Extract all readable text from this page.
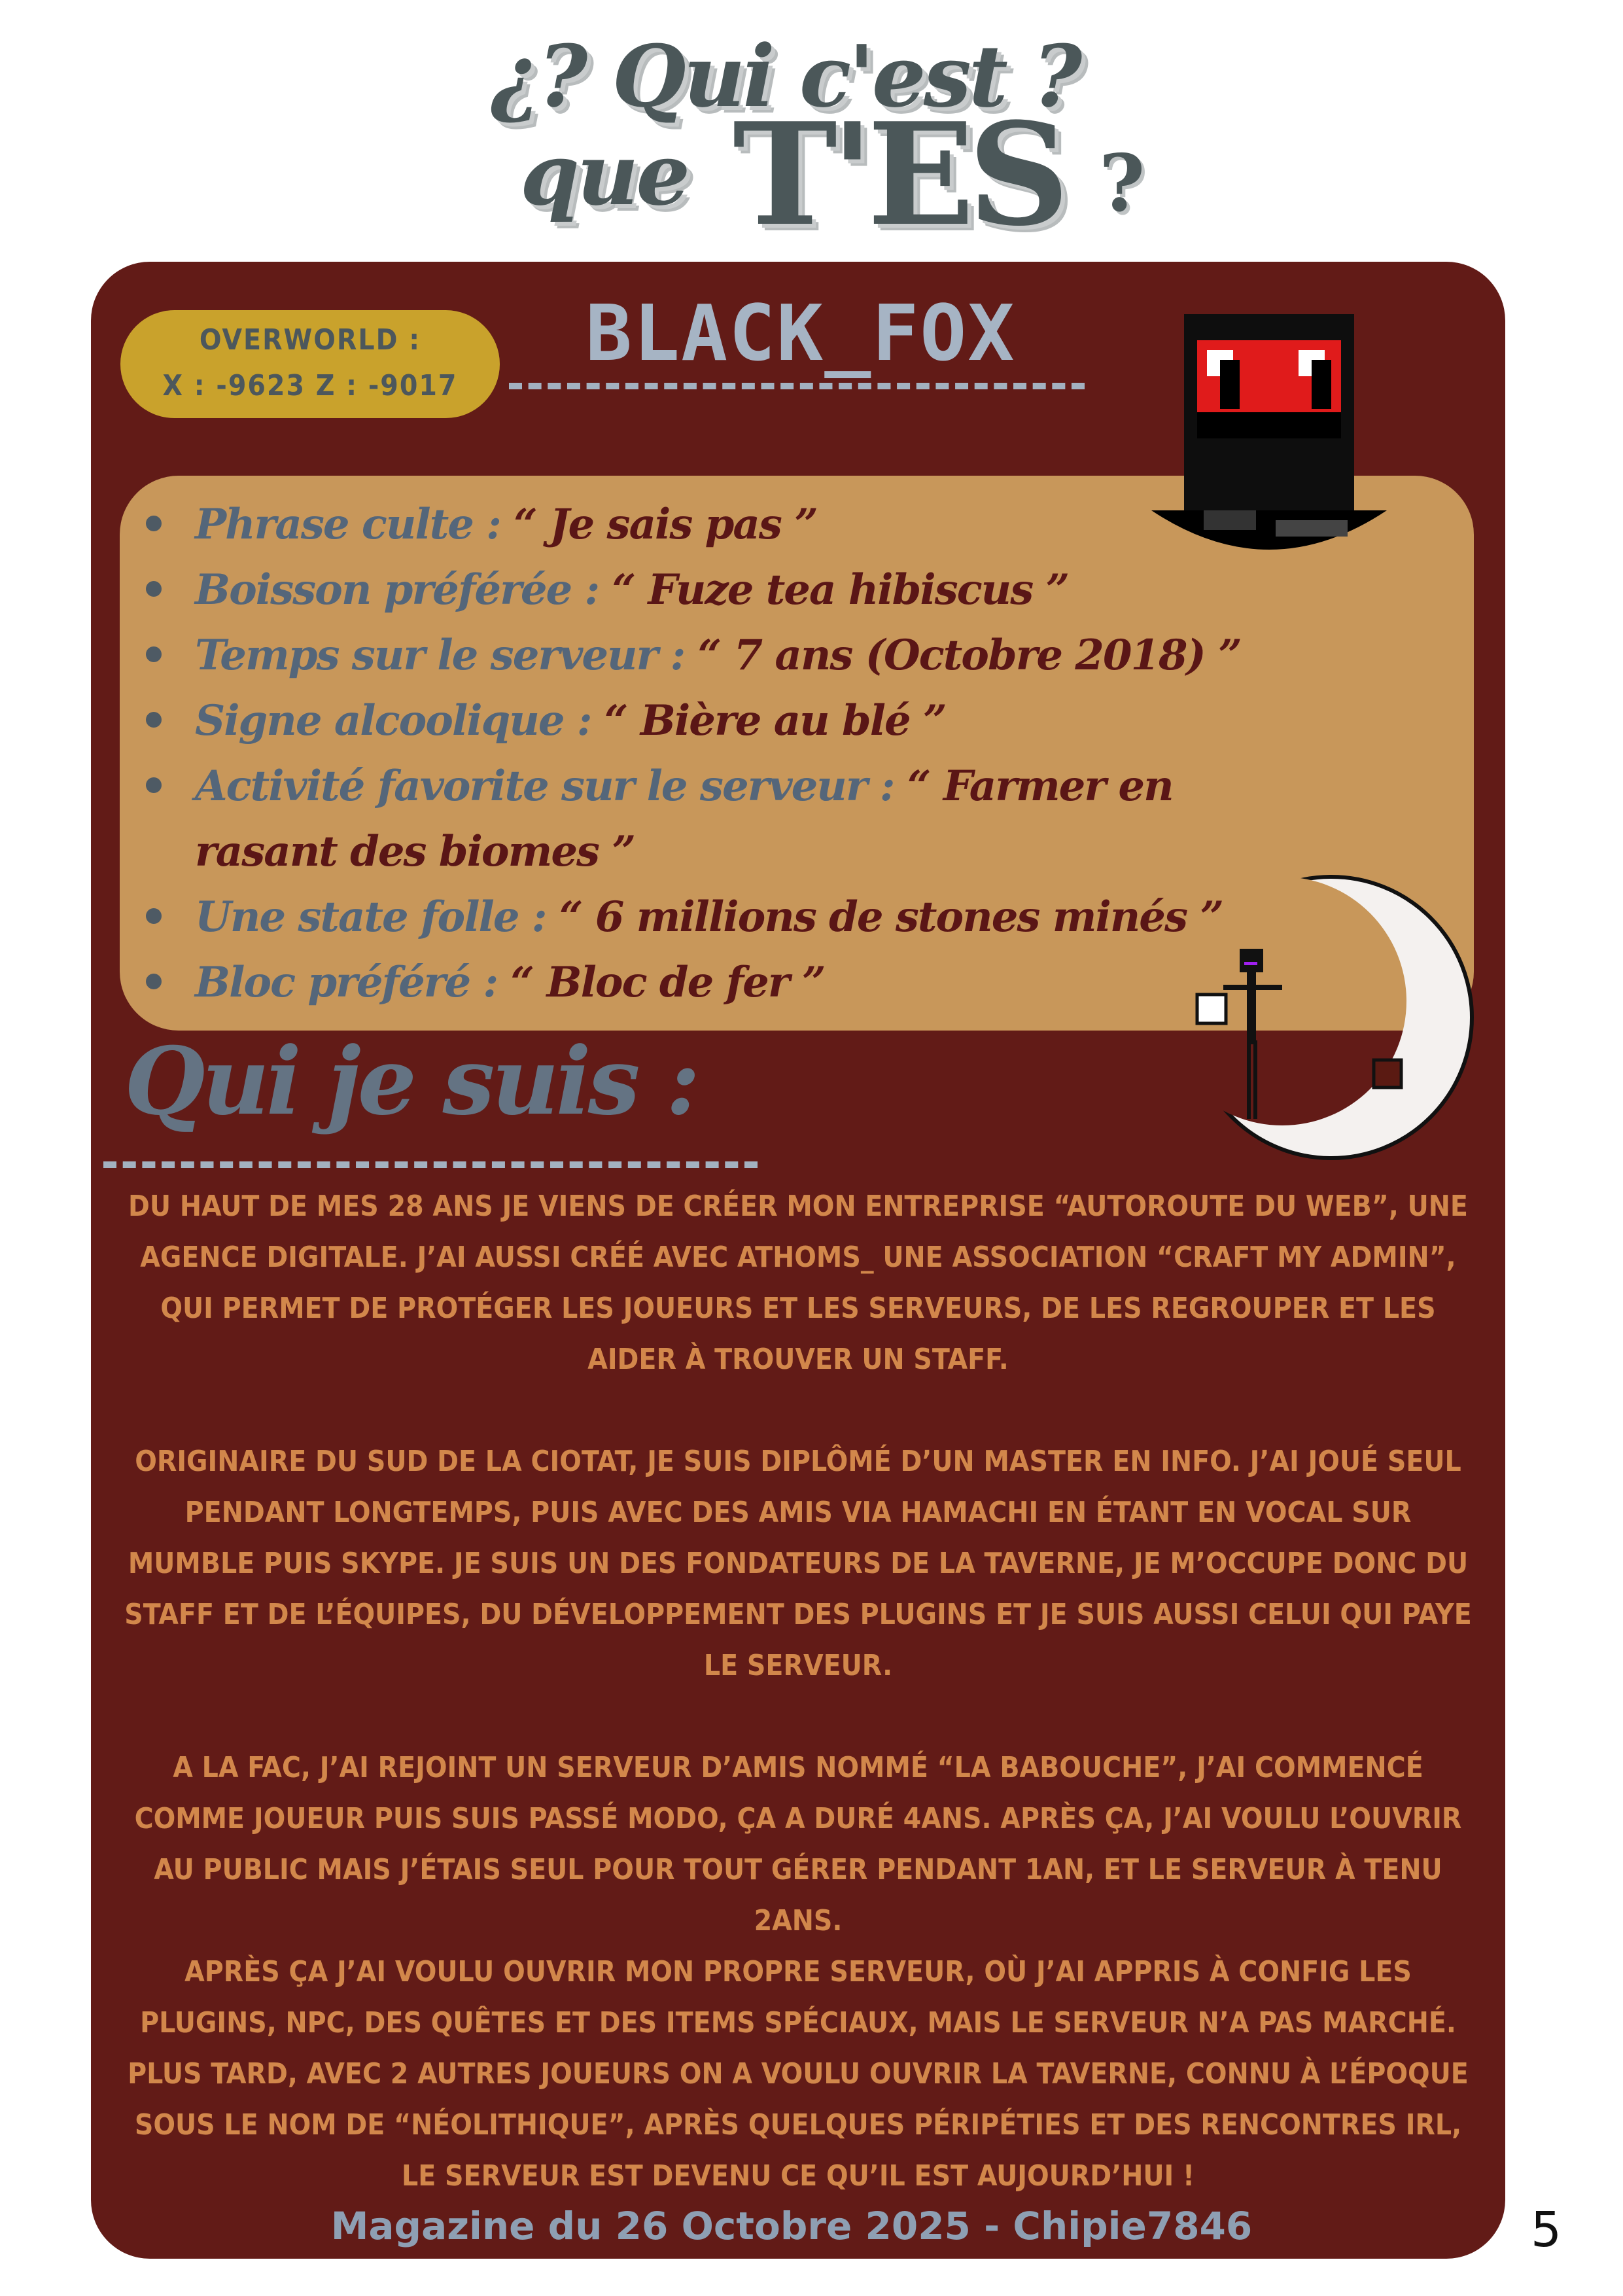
¿? Qui c'est ?
que T'ES ?
OVERWORLD :
X : -9623 Z : -9017
BLACK_FOX
Phrase culte : “ Je sais pas ”
Boisson préférée : “ Fuze tea hibiscus ”
Temps sur le serveur : “ 7 ans (Octobre 2018) ”
Signe alcoolique : “ Bière au blé ”
Activité favorite sur le serveur : “ Farmer en rasant des biomes ”
Une state folle : “ 6 millions de stones minés ”
Bloc préféré : “ Bloc de fer ”
Qui je suis :

DU HAUT DE MES 28 ANS JE VIENS DE CRÉER MON ENTREPRISE “AUTOROUTE DU WEB”, UNE AGENCE DIGITALE. J’AI AUSSI CRÉÉ AVEC ATHOMS_ UNE ASSOCIATION “CRAFT MY ADMIN”, QUI PERMET DE PROTÉGER LES JOUEURS ET LES SERVEURS, DE LES REGROUPER ET LES AIDER À TROUVER UN STAFF.

ORIGINAIRE DU SUD DE LA CIOTAT, JE SUIS DIPLÔMÉ D’UN MASTER EN INFO. J’AI JOUÉ SEUL PENDANT LONGTEMPS, PUIS AVEC DES AMIS VIA HAMACHI EN ÉTANT EN VOCAL SUR MUMBLE PUIS SKYPE. JE SUIS UN DES FONDATEURS DE LA TAVERNE, JE M’OCCUPE DONC DU STAFF ET DE L’ÉQUIPES, DU DÉVELOPPEMENT DES PLUGINS ET JE SUIS AUSSI CELUI QUI PAYE LE SERVEUR.

A LA FAC, J’AI REJOINT UN SERVEUR D’AMIS NOMMÉ “LA BABOUCHE”, J’AI COMMENCÉ COMME JOUEUR PUIS SUIS PASSÉ MODO, ÇA A DURÉ 4ANS. APRÈS ÇA, J’AI VOULU L’OUVRIR AU PUBLIC MAIS J’ÉTAIS SEUL POUR TOUT GÉRER PENDANT 1AN, ET LE SERVEUR À TENU 2ANS.

APRÈS ÇA J’AI VOULU OUVRIR MON PROPRE SERVEUR, OÙ J’AI APPRIS À CONFIG LES PLUGINS, NPC, DES QUÊTES ET DES ITEMS SPÉCIAUX, MAIS LE SERVEUR N’A PAS MARCHÉ. PLUS TARD, AVEC 2 AUTRES JOUEURS ON A VOULU OUVRIR LA TAVERNE, CONNU À L’ÉPOQUE SOUS LE NOM DE “NÉOLITHIQUE”, APRÈS QUELQUES PÉRIPÉTIES ET DES RENCONTRES IRL, LE SERVEUR EST DEVENU CE QU’IL EST AUJOURD’HUI !

Magazine du 26 Octobre 2025 - Chipie7846	5
